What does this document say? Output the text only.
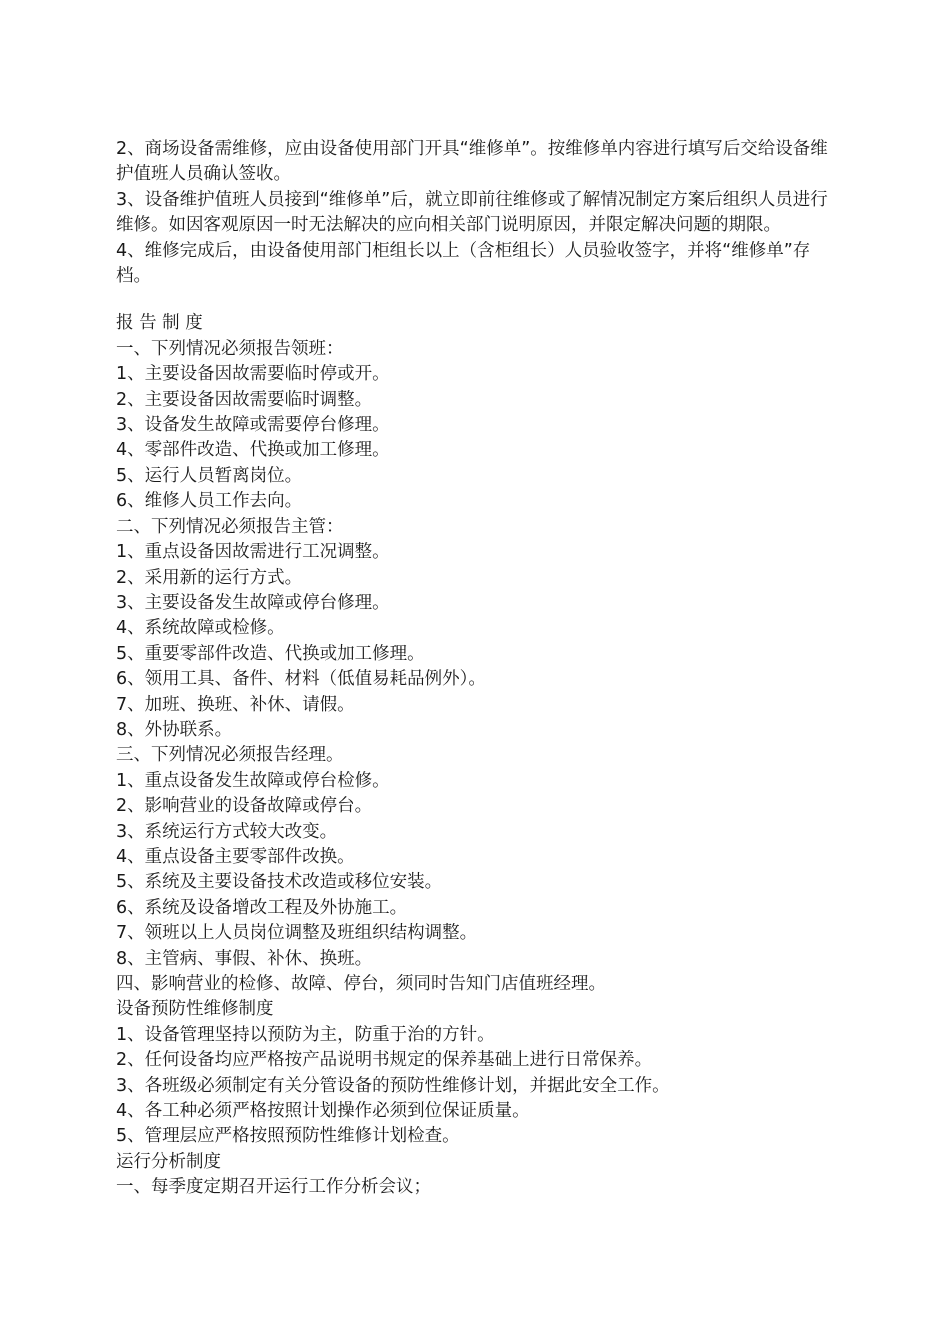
2、商场设备需维修，应由设备使用部门开具“维修单”。按维修单内容进行填写后交给设备维护值班人员确认签收。

3、设备维护值班人员接到“维修单”后，就立即前往维修或了解情况制定方案后组织人员进行维修。如因客观原因一时无法解决的应向相关部门说明原因，并限定解决问题的期限。

4、维修完成后，由设备使用部门柜组长以上（含柜组长）人员验收签字，并将“维修单”存档。

报 告 制 度

一、下列情况必须报告领班：

1、主要设备因故需要临时停或开。

2、主要设备因故需要临时调整。

3、设备发生故障或需要停台修理。

4、零部件改造、代换或加工修理。

5、运行人员暂离岗位。

6、维修人员工作去向。

二、下列情况必须报告主管：

1、重点设备因故需进行工况调整。

2、采用新的运行方式。

3、主要设备发生故障或停台修理。

4、系统故障或检修。

5、重要零部件改造、代换或加工修理。

6、领用工具、备件、材料（低值易耗品例外）。

7、加班、换班、补休、请假。

8、外协联系。

三、下列情况必须报告经理。

1、重点设备发生故障或停台检修。

2、影响营业的设备故障或停台。

3、系统运行方式较大改变。

4、重点设备主要零部件改换。

5、系统及主要设备技术改造或移位安装。

6、系统及设备增改工程及外协施工。

7、领班以上人员岗位调整及班组织结构调整。

8、主管病、事假、补休、换班。

四、影响营业的检修、故障、停台，须同时告知门店值班经理。

设备预防性维修制度

1、设备管理坚持以预防为主，防重于治的方针。

2、任何设备均应严格按产品说明书规定的保养基础上进行日常保养。

3、各班级必须制定有关分管设备的预防性维修计划，并据此安全工作。

4、各工种必须严格按照计划操作必须到位保证质量。

5、管理层应严格按照预防性维修计划检查。

运行分析制度

一、每季度定期召开运行工作分析会议；
